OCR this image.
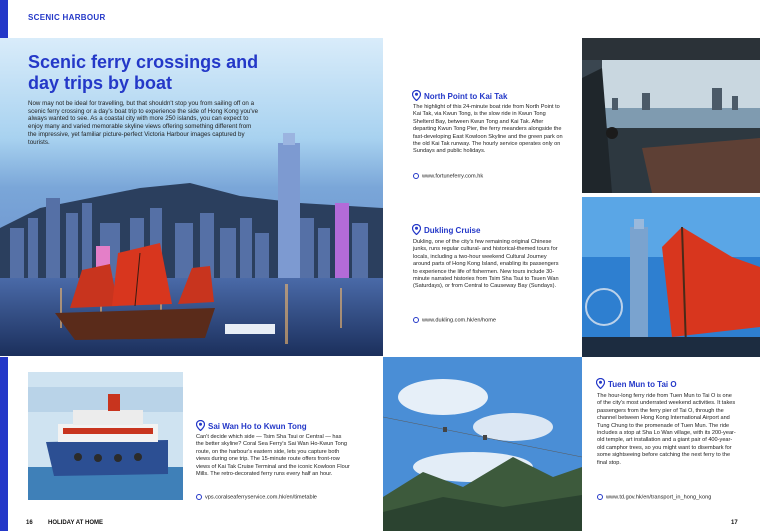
SCENIC HARBOUR
Scenic ferry crossings and day trips by boat
Now may not be ideal for travelling, but that shouldn't stop you from sailing off on a scenic ferry crossing or a day's boat trip to experience the side of Hong Kong you've always wanted to see. As a coastal city with more 250 islands, you can expect to enjoy many and varied memorable skyline views offering something different from the impressive, yet familiar picture-perfect Victoria Harbour images captured by tourists.
North Point to Kai Tak
The highlight of this 24-minute boat ride from North Point to Kai Tak, via Kwun Tong, is the slow ride in Kwun Tong Shelterd Bay, between Kwun Tong and Kai Tak. After departing Kwun Tong Pier, the ferry meanders alongside the fast-developing East Kowloon Skyline and the green park on the old Kai Tak runway. The hourly service operates only on Sundays and public holidays.
www.fortuneferry.com.hk
Dukling Cruise
Dukling, one of the city's few remaining original Chinese junks, runs regular cultural- and historical-themed tours for locals, including a two-hour weekend Cultural Journey around parts of Hong Kong Island, enabling its passengers to experience the life of fishermen. New tours include 30-minute narrated histories from Tsim Sha Tsui to Tsuen Wan (Saturdays), or from Central to Causeway Bay (Sundays).
www.dukling.com.hk/en/home
Sai Wan Ho to Kwun Tong
Can't decide which side — Tsim Sha Tsui or Central — has the better skyline? Coral Sea Ferry's Sai Wan Ho-Kwun Tong route, on the harbour's eastern side, lets you capture both views during one trip. The 15-minute route offers front-row views of Kai Tak Cruise Terminal and the iconic Kowloon Flour Mills. The retro-decorated ferry runs every half an hour.
vps.coralseaferryservice.com.hk/en/timetable
Tuen Mun to Tai O
The hour-long ferry ride from Tuen Mun to Tai O is one of the city's most underrated weekend activities. It takes passengers from the ferry pier of Tai O, through the channel between Hong Kong International Airport and Tung Chung to the promenade of Tuen Mun. The ride includes a stop at Sha Lo Wan village, with its 200-year-old temple, art installation and a giant pair of 400-year-old camphor trees, so you might want to disembark for some sightseeing before catching the next ferry to the final stop.
www.td.gov.hk/en/transport_in_hong_kong
16	HOLIDAY AT HOME	17
